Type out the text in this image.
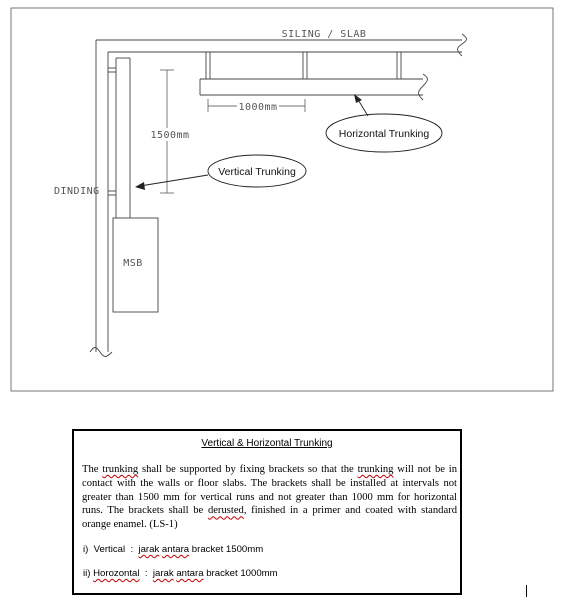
1000mm
1500mm
MSB
SILING / SLAB
DINDING
Horizontal Trunking
Vertical Trunking
Vertical & Horizontal Trunking
The trunking shall be supported by fixing brackets so that the trunking will not be in contact with the walls or floor slabs. The brackets shall be installed at intervals not greater than 1500 mm for vertical runs and not greater than 1000 mm for horizontal runs. The brackets shall be derusted, finished in a primer and coated with standard orange enamel. (LS-1)
i)  Vertical  :  jarak antara bracket 1500mm
ii) Horozontal  :  jarak antara bracket 1000mm
